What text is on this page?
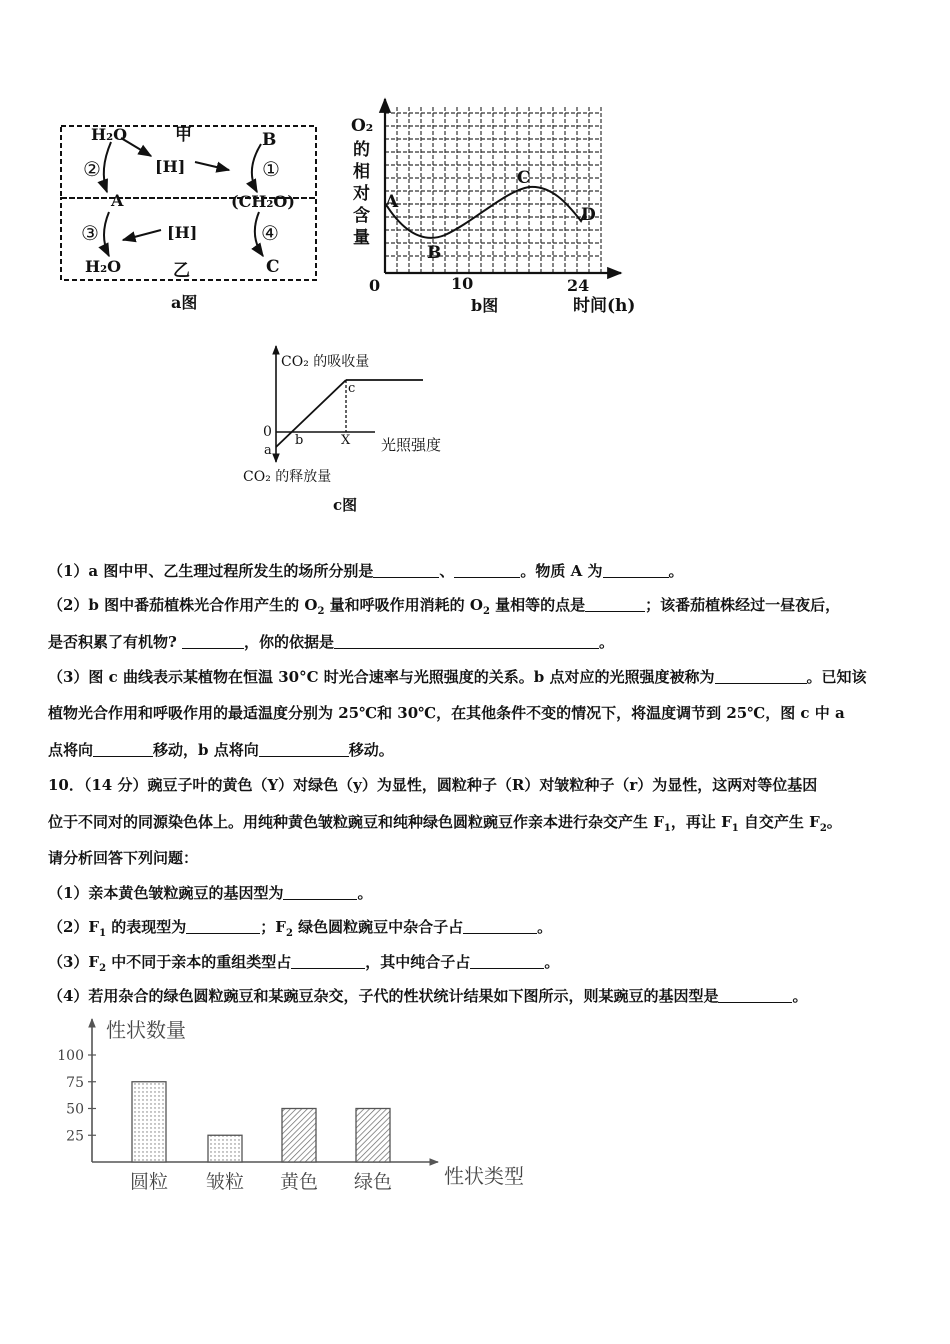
H₂O	甲
[H]
B
②	①
A	(CH₂O)
③	[H]	④
H₂O	乙	C
a图
O₂
的
相
对
含
量
A
B
C
D
0	10	24
时间(h)
b图
CO₂ 的吸收量
CO₂ 的释放量
0
a
b
c
X 光照强度
c图
（1）a 图中甲、乙生理过程所发生的场所分别是	、	。物质 A 为	。
（2）b 图中番茄植株光合作用产生的 $O_2$ 量和呼吸作用消耗的 $O_2$ 量相等的点是	；该番茄植株经过一昼夜后，
是否积累了有机物?	，你的依据是	。
（3）图 c 曲线表示某植物在恒温 30°C 时光合速率与光照强度的关系。b 点对应的光照强度被称为	。已知该
植物光合作用和呼吸作用的最适温度分别为 25℃和 30℃，在其他条件不变的情况下，将温度调节到 25℃，图 c 中 a
点将向	移动，b 点将向	移动。
10．（14 分）豌豆子叶的黄色（Y）对绿色（y）为显性，圆粒种子（R）对皱粒种子（r）为显性，这两对等位基因
位于不同对的同源染色体上。用纯种黄色皱粒豌豆和纯种绿色圆粒豌豆作亲本进行杂交产生 $F_1$，再让 $F_1$ 自交产生 $F_2$。
请分析回答下列问题：
（1）亲本黄色皱粒豌豆的基因型为	。
$(2)F_1$ 的表现型为	；$F_2$ 绿色圆粒豌豆中杂合子占	。
$(3)F_2$ 中不同于亲本的重组类型占	，其中纯合子占	。
（4）若用杂合的绿色圆粒豌豆和某豌豆杂交，子代的性状统计结果如下图所示，则某豌豆的基因型是	。
性状数量
性状类型
100
75
50
25
圆粒 皱粒 黄色 绿色
